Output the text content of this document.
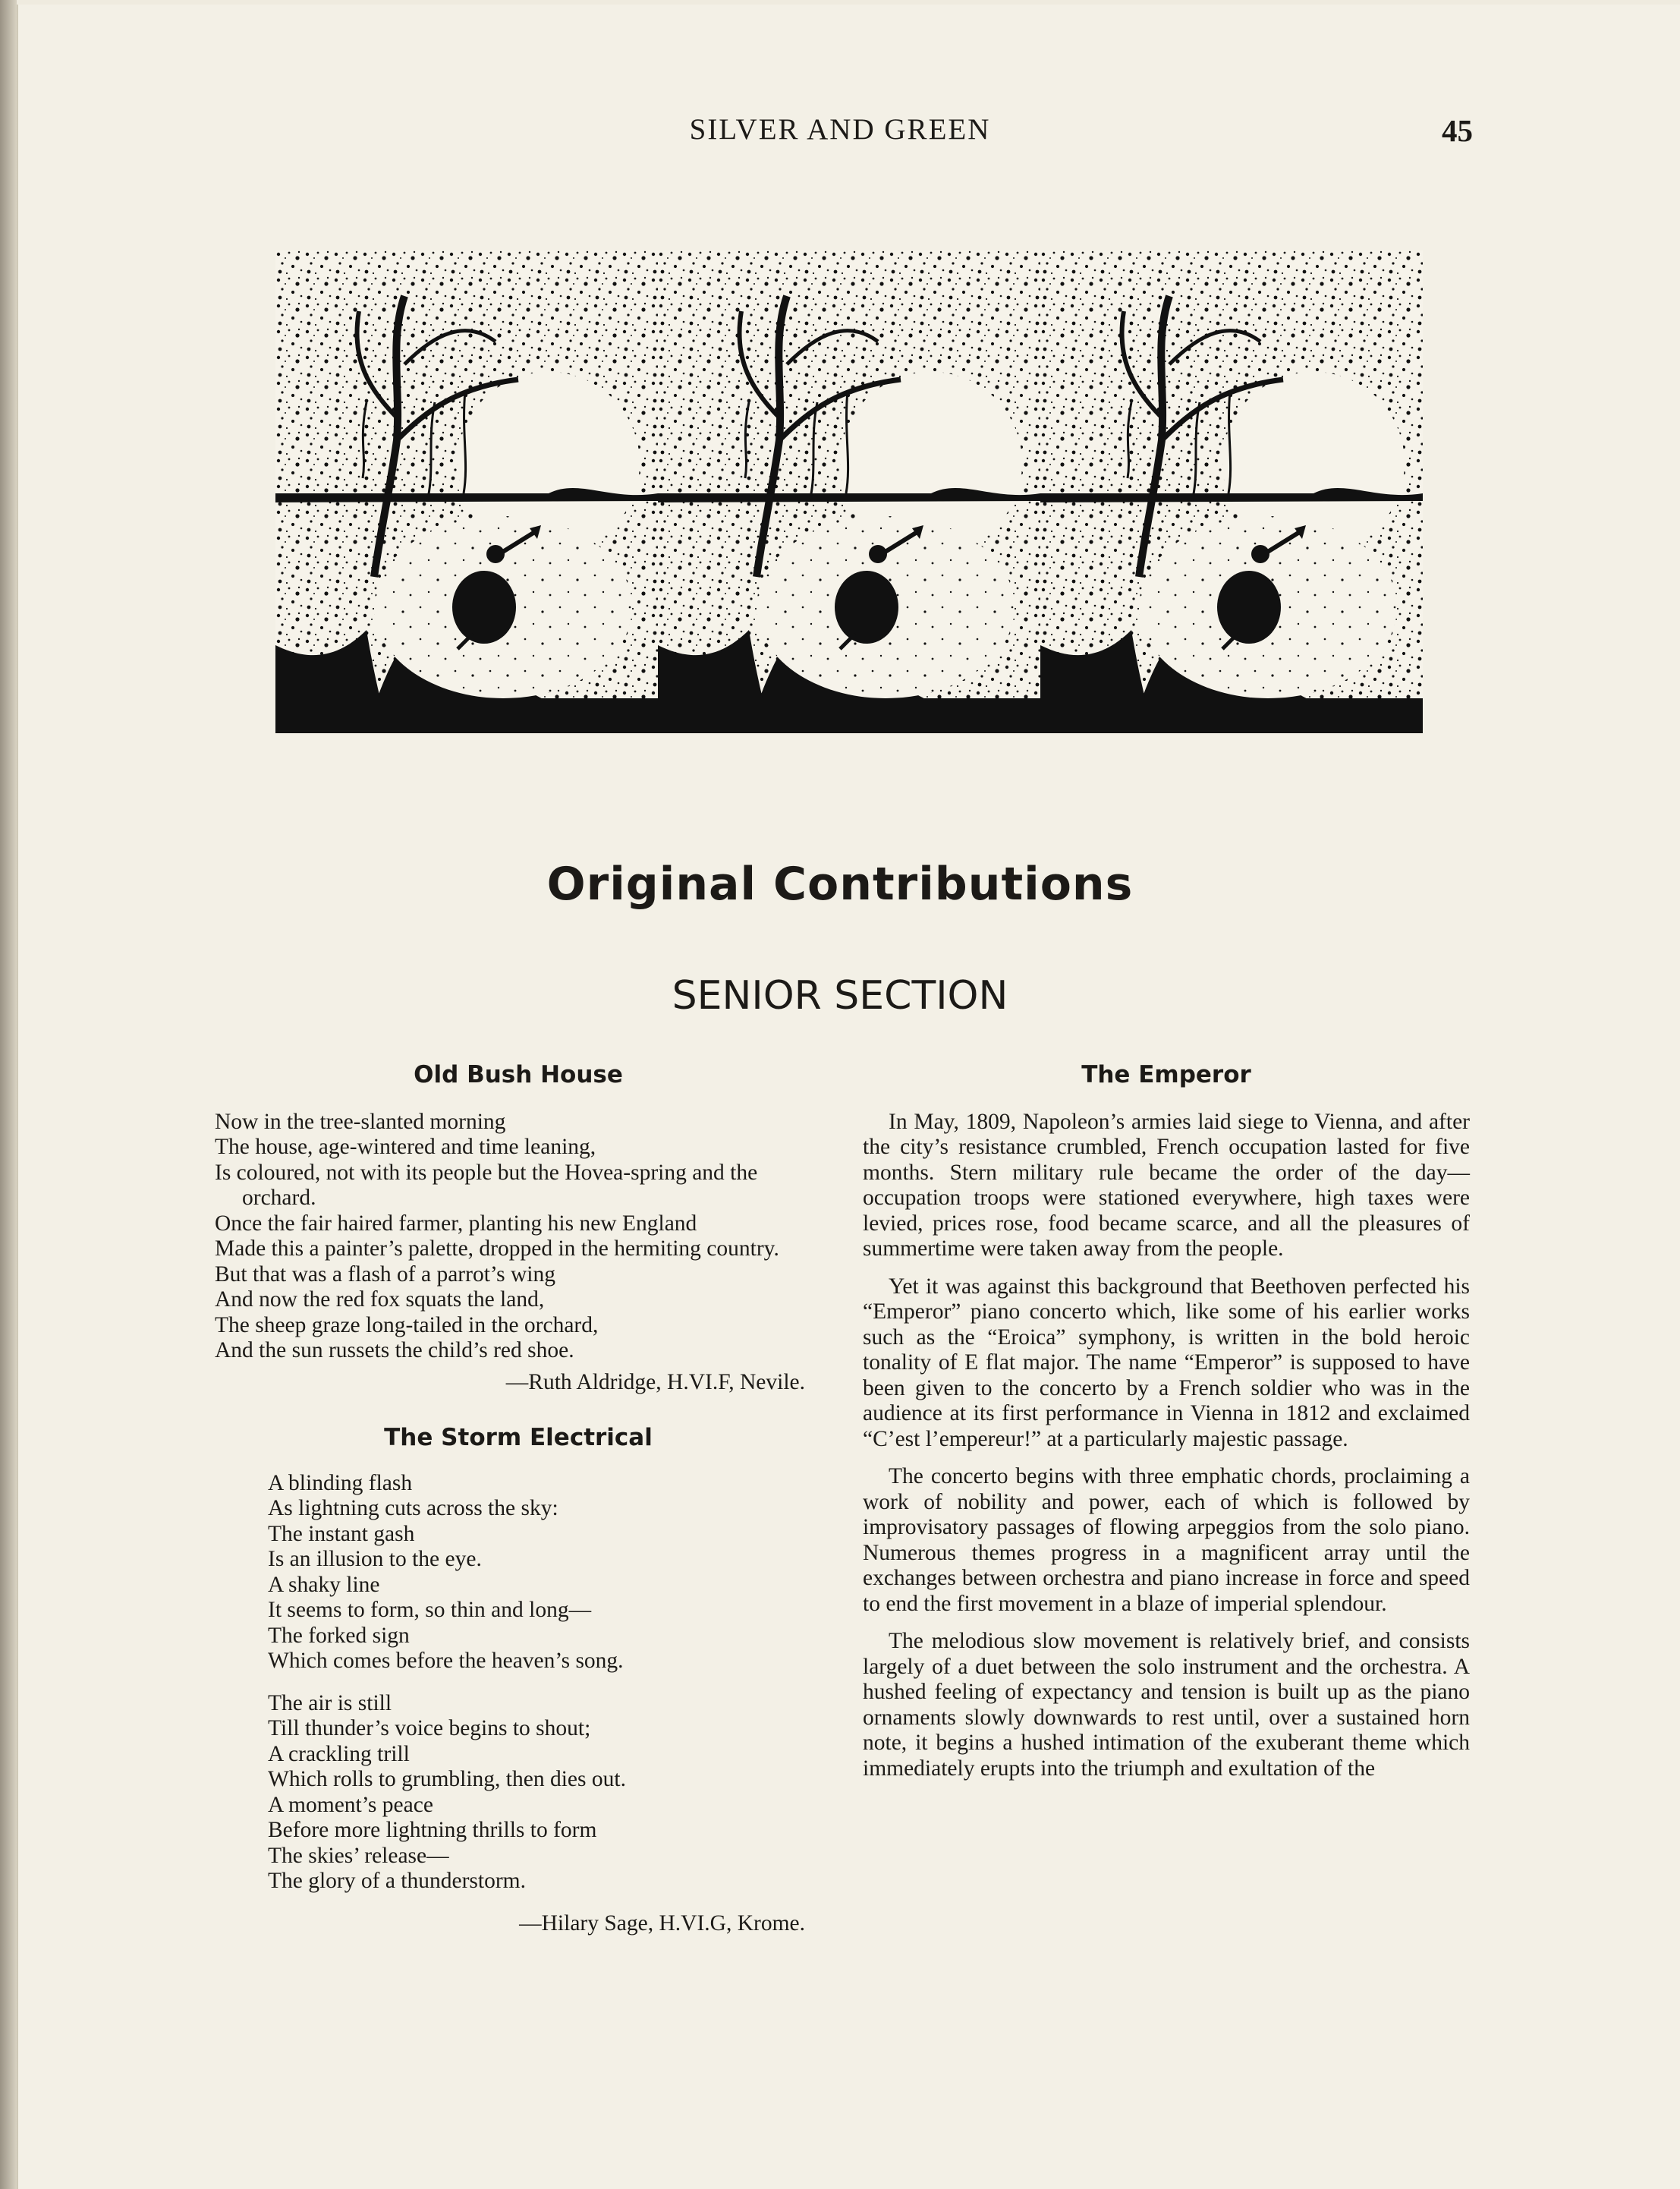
SILVER AND GREEN	45
Original Contributions
SENIOR SECTION
Old Bush House
Now in the tree-slanted morning
The house, age-wintered and time leaning,
Is coloured, not with its people but the Hovea-spring and the orchard.
Once the fair haired farmer, planting his new England
Made this a painter’s palette, dropped in the hermiting country.
But that was a flash of a parrot’s wing
And now the red fox squats the land,
The sheep graze long-tailed in the orchard,
And the sun russets the child’s red shoe.
—Ruth Aldridge, H.VI.F, Nevile.
The Storm Electrical
A blinding flash
As lightning cuts across the sky:
The instant gash
Is an illusion to the eye.
A shaky line
It seems to form, so thin and long—
The forked sign
Which comes before the heaven’s song.
The air is still
Till thunder’s voice begins to shout;
A crackling trill
Which rolls to grumbling, then dies out.
A moment’s peace
Before more lightning thrills to form
The skies’ release—
The glory of a thunderstorm.
—Hilary Sage, H.VI.G, Krome.
The Emperor

In May, 1809, Napoleon’s armies laid siege to Vienna, and after the city’s resistance crumbled, French occupation lasted for five months. Stern military rule became the order of the day—occupation troops were stationed everywhere, high taxes were levied, prices rose, food became scarce, and all the pleasures of summertime were taken away from the people.

Yet it was against this background that Beethoven perfected his “Emperor” piano concerto which, like some of his earlier works such as the “Eroica” symphony, is written in the bold heroic tonality of E flat major. The name “Emperor” is supposed to have been given to the concerto by a French soldier who was in the audience at its first performance in Vienna in 1812 and exclaimed “C’est l’empereur!” at a particularly majestic passage.

The concerto begins with three emphatic chords, proclaiming a work of nobility and power, each of which is followed by improvisatory passages of flowing arpeggios from the solo piano. Numerous themes progress in a magnificent array until the exchanges between orchestra and piano increase in force and speed to end the first movement in a blaze of imperial splendour.

The melodious slow movement is relatively brief, and consists largely of a duet between the solo instrument and the orchestra. A hushed feeling of expectancy and tension is built up as the piano ornaments slowly downwards to rest until, over a sustained horn note, it begins a hushed intimation of the exuberant theme which immediately erupts into the triumph and exultation of the
